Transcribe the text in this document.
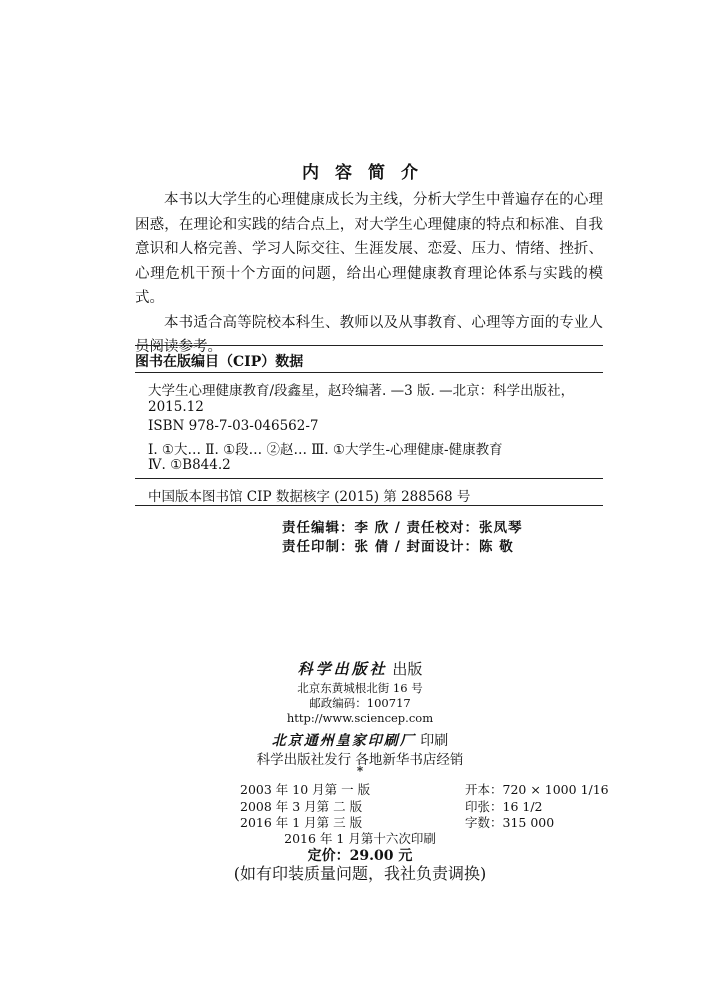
内容简介

本书以大学生的心理健康成长为主线，分析大学生中普遍存在的心理困惑，在理论和实践的结合点上，对大学生心理健康的特点和标准、自我意识和人格完善、学习人际交往、生涯发展、恋爱、压力、情绪、挫折、心理危机干预十个方面的问题，给出心理健康教育理论体系与实践的模式。

本书适合高等院校本科生、教师以及从事教育、心理等方面的专业人员阅读参考。

图书在版编目（CIP）数据
大学生心理健康教育/段鑫星，赵玲编著. —3 版. —北京：科学出版社，
2015.12
ISBN 978-7-03-046562-7
Ⅰ. ①大… Ⅱ. ①段… ②赵… Ⅲ. ①大学生-心理健康-健康教育
Ⅳ. ①B844.2
中国版本图书馆 CIP 数据核字 (2015) 第 288568 号
责任编辑：李 欣 / 责任校对：张凤琴
责任印制：张 倩 / 封面设计：陈 敬
科学出版社 出版
北京东黄城根北街 16 号
邮政编码：100717
http://www.sciencep.com
北京通州皇家印刷厂 印刷
科学出版社发行 各地新华书店经销
*
2003 年 10 月第 一 版	开本：720 × 1000 1/16
2008 年 3 月第 二 版	印张：16 1/2
2016 年 1 月第 三 版	字数：315 000
2016 年 1 月第十六次印刷
定价：29.00 元
(如有印装质量问题，我社负责调换)
